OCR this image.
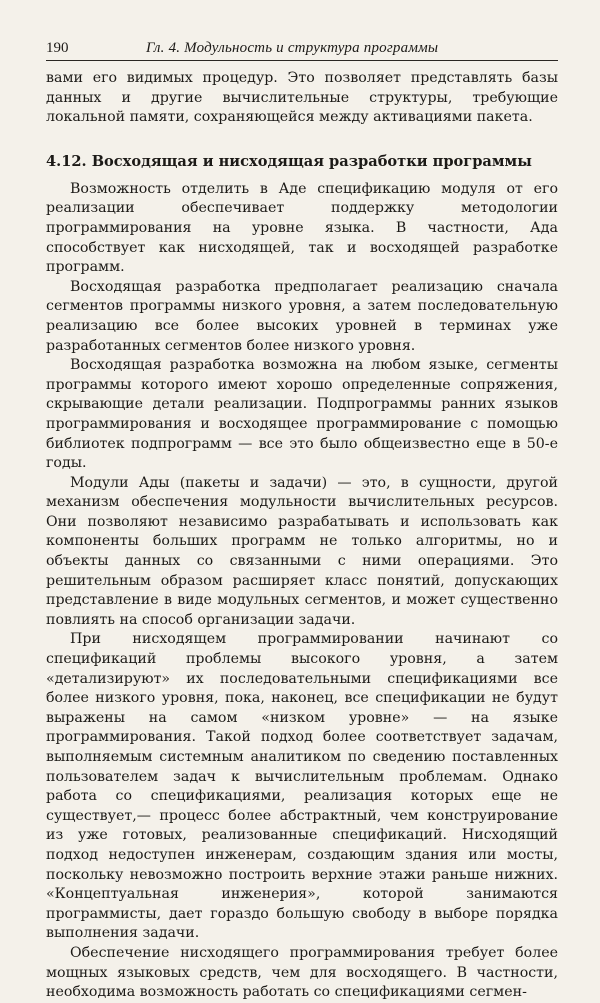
190	Гл. 4. Модульность и структура программы

вами его видимых процедур. Это позволяет представлять базы данных и другие вычислительные структуры, требующие локальной памяти, сохраняющейся между активациями пакета.

4.12. Восходящая и нисходящая разработки программы

Возможность отделить в Аде спецификацию модуля от его реализации обеспечивает поддержку методологии программирования на уровне языка. В частности, Ада способствует как нисходящей, так и восходящей разработке программ.

Восходящая разработка предполагает реализацию сначала сегментов программы низкого уровня, а затем последовательную реализацию все более высоких уровней в терминах уже разработанных сегментов более низкого уровня.

Восходящая разработка возможна на любом языке, сегменты программы которого имеют хорошо определенные сопряжения, скрывающие детали реализации. Подпрограммы ранних языков программирования и восходящее программирование с помощью библиотек подпрограмм — все это было общеизвестно еще в 50-е годы.

Модули Ады (пакеты и задачи) — это, в сущности, другой механизм обеспечения модульности вычислительных ресурсов. Они позволяют независимо разрабатывать и использовать как компоненты больших программ не только алгоритмы, но и объекты данных со связанными с ними операциями. Это решительным образом расширяет класс понятий, допускающих представление в виде модульных сегментов, и может существенно повлиять на способ организации задачи.

При нисходящем программировании начинают со спецификаций проблемы высокого уровня, а затем «детализируют» их последовательными спецификациями все более низкого уровня, пока, наконец, все спецификации не будут выражены на самом «низком уровне» — на языке программирования. Такой подход более соответствует задачам, выполняемым системным аналитиком по сведению поставленных пользователем задач к вычислительным проблемам. Однако работа со спецификациями, реализация которых еще не существует,— процесс более абстрактный, чем конструирование из уже готовых, реализованные спецификаций. Нисходящий подход недоступен инженерам, создающим здания или мосты, поскольку невозможно построить верхние этажи раньше нижних. «Концептуальная инженерия», которой занимаются программисты, дает гораздо большую свободу в выборе порядка выполнения задачи.

Обеспечение нисходящего программирования требует более мощных языковых средств, чем для восходящего. В частности, необходима возможность работать со спецификациями сегмен-
